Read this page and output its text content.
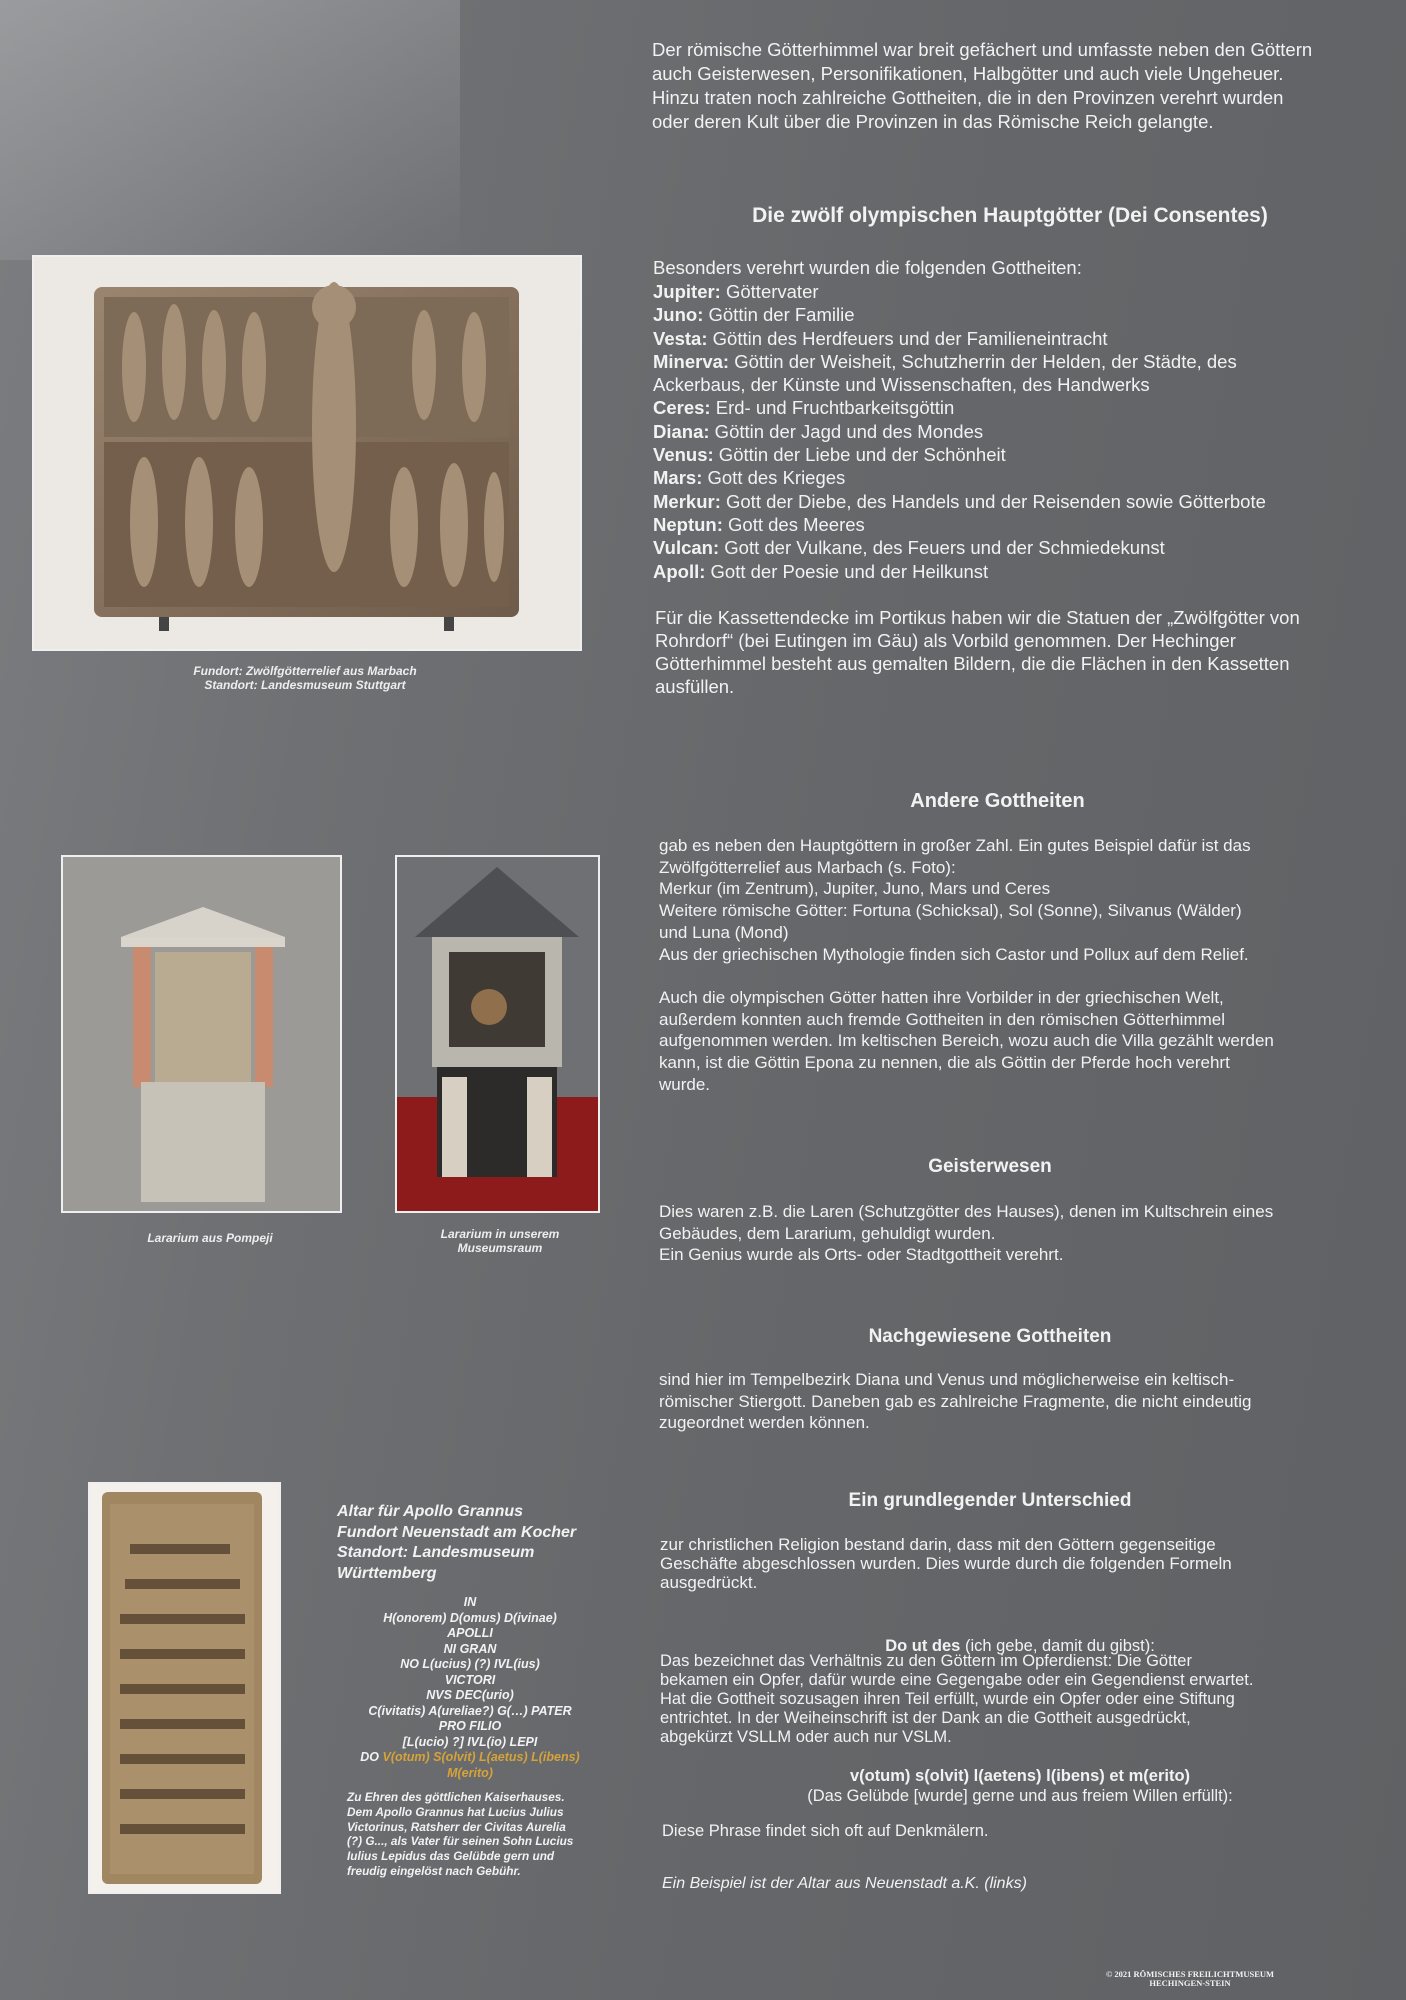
Der römische Götterhimmel war breit gefächert und umfasste neben den Göttern
auch Geisterwesen, Personifikationen, Halbgötter und auch viele Ungeheuer.
Hinzu traten noch zahlreiche Gottheiten, die in den Provinzen verehrt wurden
oder deren Kult über die Provinzen in das Römische Reich gelangte.
Fundort: Zwölfgötterrelief aus Marbach
Standort: Landesmuseum Stuttgart
Die zwölf olympischen Hauptgötter (Dei Consentes)
Besonders verehrt wurden die folgenden Gottheiten:
Jupiter: Göttervater
Juno: Göttin der Familie
Vesta: Göttin des Herdfeuers und der Familieneintracht
Minerva: Göttin der Weisheit, Schutzherrin der Helden, der Städte, des
Ackerbaus, der Künste und Wissenschaften, des Handwerks
Ceres: Erd- und Fruchtbarkeitsgöttin
Diana: Göttin der Jagd und des Mondes
Venus: Göttin der Liebe und der Schönheit
Mars: Gott des Krieges
Merkur: Gott der Diebe, des Handels und der Reisenden sowie Götterbote
Neptun: Gott des Meeres
Vulcan: Gott der Vulkane, des Feuers und der Schmiedekunst
Apoll: Gott der Poesie und der Heilkunst
Für die Kassettendecke im Portikus haben wir die Statuen der „Zwölfgötter von
Rohrdorf“ (bei Eutingen im Gäu) als Vorbild genommen. Der Hechinger
Götterhimmel besteht aus gemalten Bildern, die die Flächen in den Kassetten
ausfüllen.
Andere Gottheiten
gab es neben den Hauptgöttern in großer Zahl. Ein gutes Beispiel dafür ist das
Zwölfgötterrelief aus Marbach (s. Foto):
Merkur (im Zentrum), Jupiter, Juno, Mars und Ceres
Weitere römische Götter: Fortuna (Schicksal), Sol (Sonne), Silvanus (Wälder)
und Luna (Mond)
Aus der griechischen Mythologie finden sich Castor und Pollux auf dem Relief.
Auch die olympischen Götter hatten ihre Vorbilder in der griechischen Welt,
außerdem konnten auch fremde Gottheiten in den römischen Götterhimmel
aufgenommen werden. Im keltischen Bereich, wozu auch die Villa gezählt werden
kann, ist die Göttin Epona zu nennen, die als Göttin der Pferde hoch verehrt
wurde.
Lararium aus Pompeji	Lararium in unserem
Museumsraum
Geisterwesen
Dies waren z.B. die Laren (Schutzgötter des Hauses), denen im Kultschrein eines
Gebäudes, dem Lararium, gehuldigt wurden.
Ein Genius wurde als Orts- oder Stadtgottheit verehrt.
Nachgewiesene Gottheiten
sind hier im Tempelbezirk Diana und Venus und möglicherweise ein keltisch-
römischer Stiergott. Daneben gab es zahlreiche Fragmente, die nicht eindeutig
zugeordnet werden können.
Altar für Apollo Grannus
Fundort Neuenstadt am Kocher
Standort: Landesmuseum
Württemberg
IN
H(onorem) D(omus) D(ivinae)
APOLLI
NI GRAN
NO L(ucius) (?) IVL(ius)
VICTORI
NVS DEC(urio)
C(ivitatis) A(ureliae?) G(…) PATER
PRO FILIO
[L(ucio) ?] IVL(io) LEPI
DO V(otum) S(olvit) L(aetus) L(ibens)
M(erito)
Zu Ehren des göttlichen Kaiserhauses.
Dem Apollo Grannus hat Lucius Julius
Victorinus, Ratsherr der Civitas Aurelia
(?) G..., als Vater für seinen Sohn Lucius
Iulius Lepidus das Gelübde gern und
freudig eingelöst nach Gebühr.
Ein grundlegender Unterschied
zur christlichen Religion bestand darin, dass mit den Göttern gegenseitige
Geschäfte abgeschlossen wurden. Dies wurde durch die folgenden Formeln
ausgedrückt.

Do ut des (ich gebe, damit du gibst):

Das bezeichnet das Verhältnis zu den Göttern im Opferdienst: Die Götter
bekamen ein Opfer, dafür wurde eine Gegengabe oder ein Gegendienst erwartet.
Hat die Gottheit sozusagen ihren Teil erfüllt, wurde ein Opfer oder eine Stiftung
entrichtet. In der Weiheinschrift ist der Dank an die Gottheit ausgedrückt,
abgekürzt VSLLM oder auch nur VSLM.
v(otum) s(olvit) l(aetens) l(ibens) et m(erito)
(Das Gelübde [wurde] gerne und aus freiem Willen erfüllt):
Diese Phrase findet sich oft auf Denkmälern.
Ein Beispiel ist der Altar aus Neuenstadt a.K. (links)
© 2021 RÖMISCHES FREILICHTMUSEUM
HECHINGEN-STEIN
